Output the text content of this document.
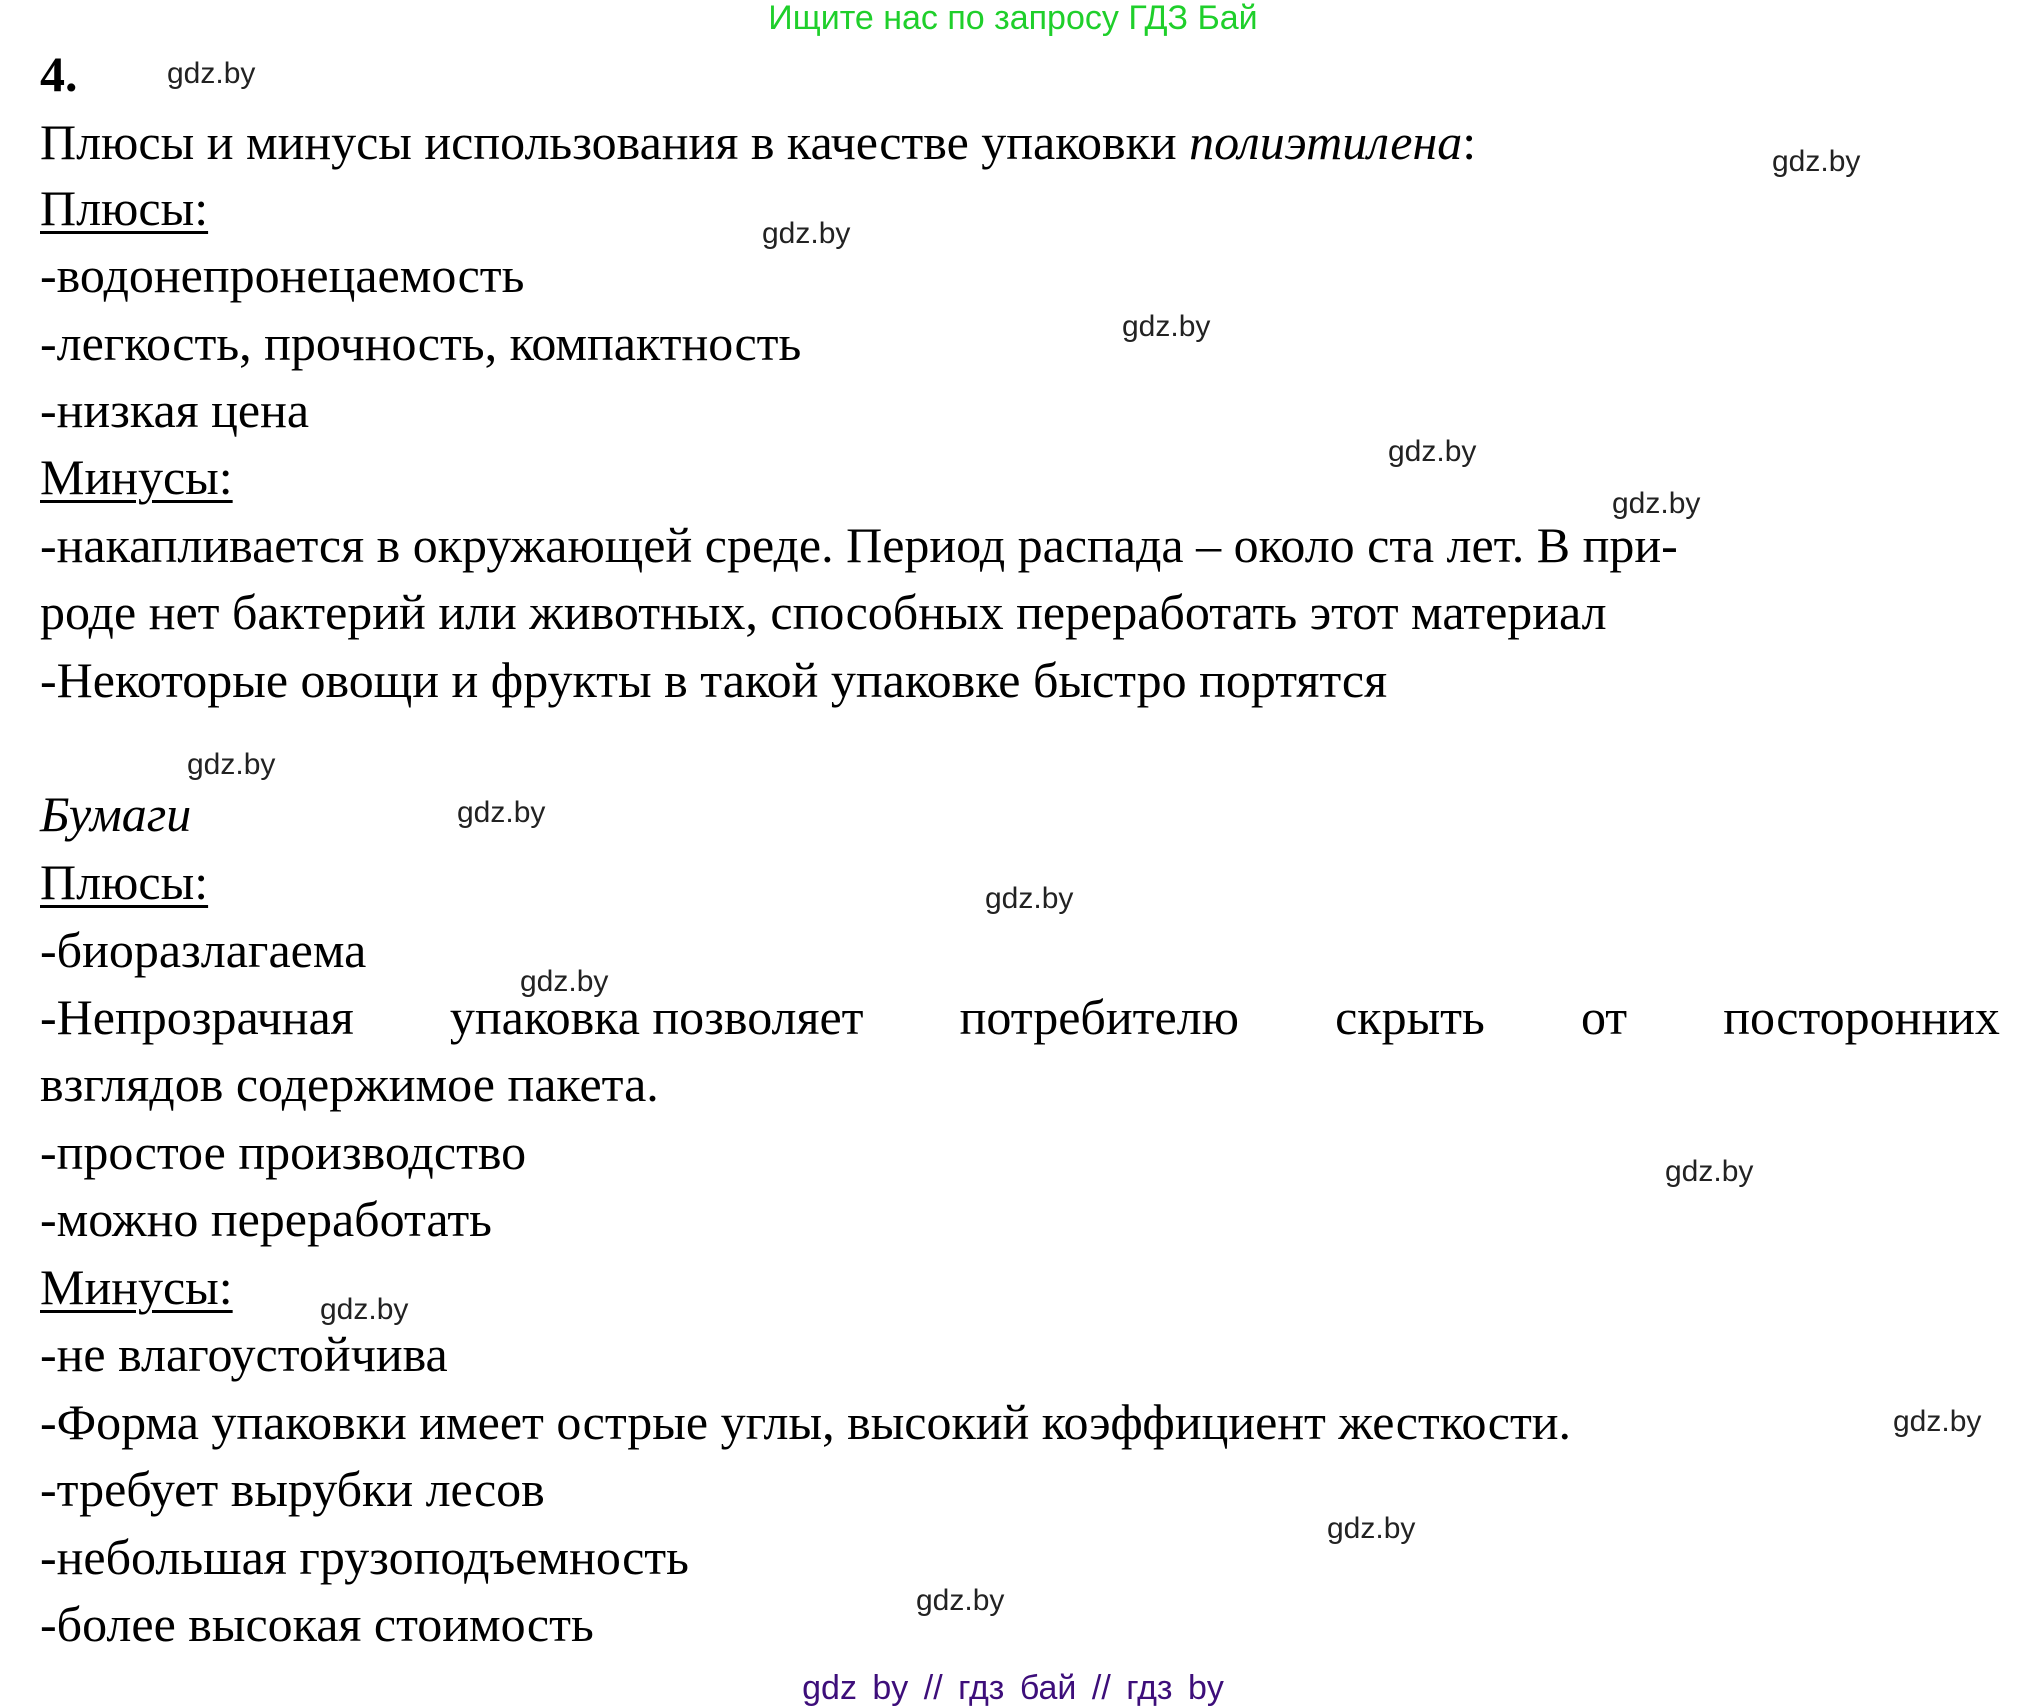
Ищите нас по запросу ГДЗ Бай
4.
Плюсы и минусы использования в качестве упаковки полиэтилена:
Плюсы:
-водонепронецаемость
-легкость, прочность, компактность
-низкая цена
Минусы:
-накапливается в окружающей среде. Период распада – около ста лет. В при-
роде нет бактерий или животных, способных переработать этот материал
-Некоторые овощи и фрукты в такой упаковке быстро портятся
Бумаги
Плюсы:
-биоразлагаема
-Непрозрачная упаковка позволяет потребителю скрыть от посторонних
взглядов содержимое пакета.
-простое производство
-можно переработать
Минусы:
-не влагоустойчива
-Форма упаковки имеет острые углы, высокий коэффициент жесткости.
-требует вырубки лесов
-небольшая грузоподъемность
-более высокая стоимость
gdz.by
gdz.by
gdz.by
gdz.by
gdz.by
gdz.by
gdz.by
gdz.by
gdz.by
gdz.by
gdz.by
gdz.by
gdz.by
gdz.by
gdz.by
gdz by // гдз бай // гдз by
